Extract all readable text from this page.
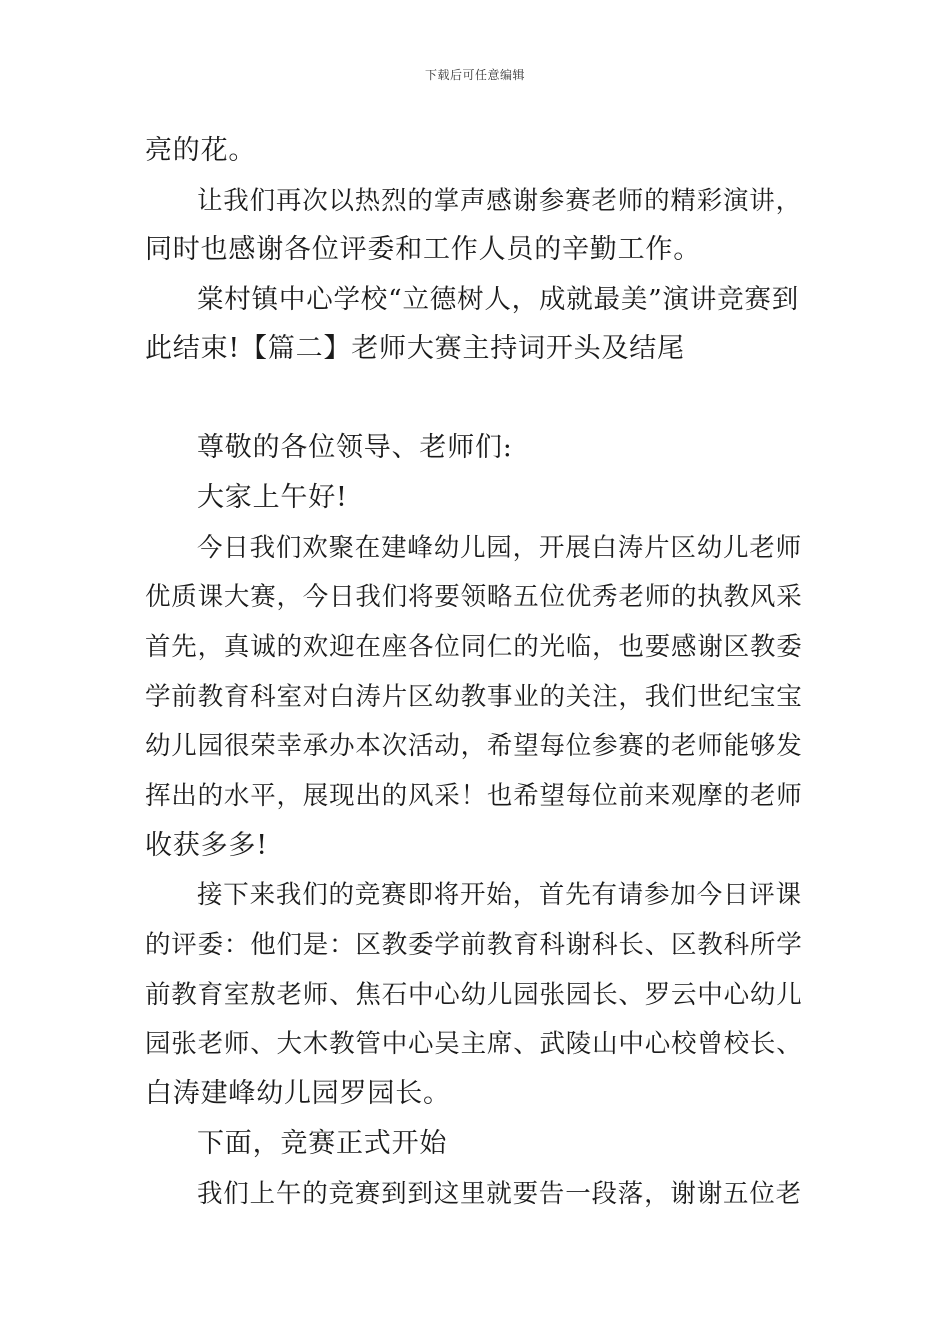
下载后可任意编辑
亮的花。
让我们再次以热烈的掌声感谢参赛老师的精彩演讲，
同时也感谢各位评委和工作人员的辛勤工作。
棠村镇中心学校“立德树人，成就最美”演讲竞赛到
此结束!【篇二】老师大赛主持词开头及结尾
尊敬的各位领导、老师们:
大家上午好!
今日我们欢聚在建峰幼儿园，开展白涛片区幼儿老师
优质课大赛，今日我们将要领略五位优秀老师的执教风采
首先，真诚的欢迎在座各位同仁的光临，也要感谢区教委
学前教育科室对白涛片区幼教事业的关注，我们世纪宝宝
幼儿园很荣幸承办本次活动，希望每位参赛的老师能够发
挥出的水平，展现出的风采！也希望每位前来观摩的老师
收获多多!
接下来我们的竞赛即将开始，首先有请参加今日评课
的评委：他们是：区教委学前教育科谢科长、区教科所学
前教育室敖老师、焦石中心幼儿园张园长、罗云中心幼儿
园张老师、大木教管中心吴主席、武陵山中心校曾校长、
白涛建峰幼儿园罗园长。
下面，竞赛正式开始
我们上午的竞赛到到这里就要告一段落，谢谢五位老
